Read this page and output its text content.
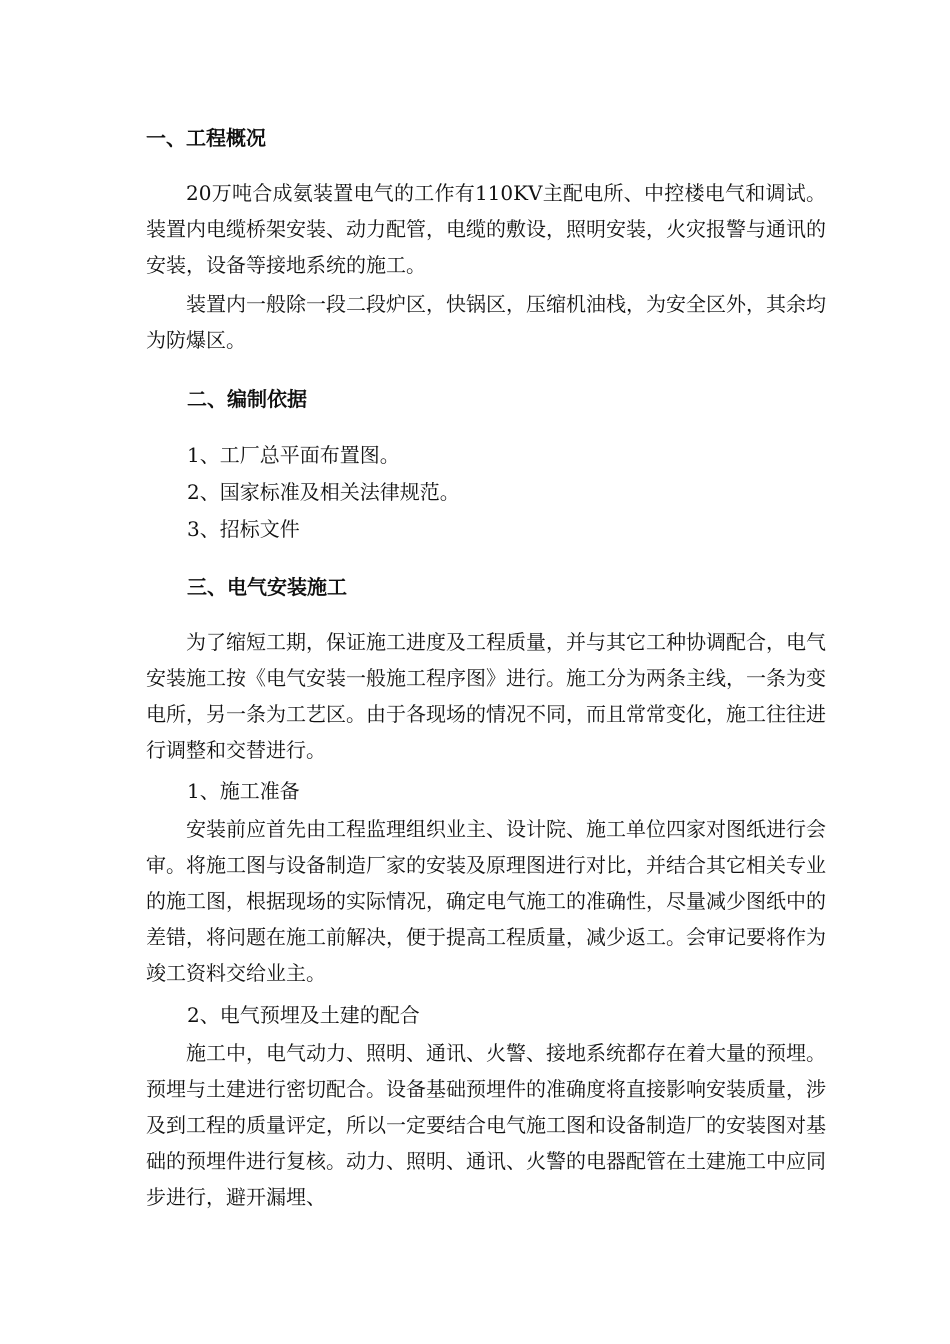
一、工程概况

20万吨合成氨装置电气的工作有110KV主配电所、中控楼电气和调试。装置内电缆桥架安装、动力配管，电缆的敷设，照明安装，火灾报警与通讯的安装，设备等接地系统的施工。

装置内一般除一段二段炉区，快锅区，压缩机油栈，为安全区外，其余均为防爆区。

二、编制依据

1、工厂总平面布置图。

2、国家标准及相关法律规范。

3、招标文件

三、电气安装施工

为了缩短工期，保证施工进度及工程质量，并与其它工种协调配合，电气安装施工按《电气安装一般施工程序图》进行。施工分为两条主线，一条为变电所，另一条为工艺区。由于各现场的情况不同，而且常常变化，施工往往进行调整和交替进行。

1、施工准备

安装前应首先由工程监理组织业主、设计院、施工单位四家对图纸进行会审。将施工图与设备制造厂家的安装及原理图进行对比，并结合其它相关专业的施工图，根据现场的实际情况，确定电气施工的准确性，尽量减少图纸中的差错，将问题在施工前解决，便于提高工程质量，减少返工。会审记要将作为竣工资料交给业主。

2、电气预埋及土建的配合

施工中，电气动力、照明、通讯、火警、接地系统都存在着大量的预埋。预埋与土建进行密切配合。设备基础预埋件的准确度将直接影响安装质量，涉及到工程的质量评定，所以一定要结合电气施工图和设备制造厂的安装图对基础的预埋件进行复核。动力、照明、通讯、火警的电器配管在土建施工中应同步进行，避开漏埋、
